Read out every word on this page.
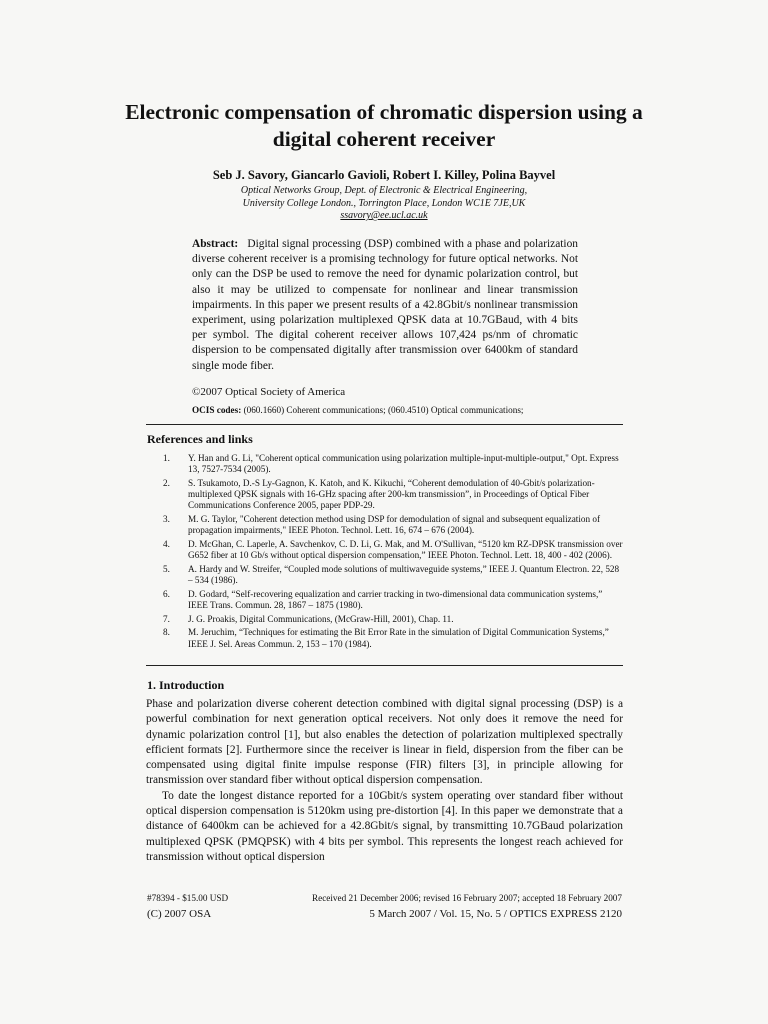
Electronic compensation of chromatic dispersion using a digital coherent receiver
Seb J. Savory, Giancarlo Gavioli, Robert I. Killey, Polina Bayvel
Optical Networks Group, Dept. of Electronic & Electrical Engineering,
University College London., Torrington Place, London WC1E 7JE,UK
ssavory@ee.ucl.ac.uk
Abstract: Digital signal processing (DSP) combined with a phase and polarization diverse coherent receiver is a promising technology for future optical networks. Not only can the DSP be used to remove the need for dynamic polarization control, but also it may be utilized to compensate for nonlinear and linear transmission impairments. In this paper we present results of a 42.8Gbit/s nonlinear transmission experiment, using polarization multiplexed QPSK data at 10.7GBaud, with 4 bits per symbol. The digital coherent receiver allows 107,424 ps/nm of chromatic dispersion to be compensated digitally after transmission over 6400km of standard single mode fiber.
©2007 Optical Society of America
OCIS codes: (060.1660) Coherent communications; (060.4510) Optical communications;
References and links
1. Y. Han and G. Li, "Coherent optical communication using polarization multiple-input-multiple-output," Opt. Express 13, 7527-7534 (2005).
2. S. Tsukamoto, D.-S Ly-Gagnon, K. Katoh, and K. Kikuchi, “Coherent demodulation of 40-Gbit/s polarization-multiplexed QPSK signals with 16-GHz spacing after 200-km transmission”, in Proceedings of Optical Fiber Communications Conference 2005, paper PDP-29.
3. M. G. Taylor, "Coherent detection method using DSP for demodulation of signal and subsequent equalization of propagation impairments," IEEE Photon. Technol. Lett. 16, 674 – 676 (2004).
4. D. McGhan, C. Laperle, A. Savchenkov, C. D. Li, G. Mak, and M. O'Sullivan, “5120 km RZ-DPSK transmission over G652 fiber at 10 Gb/s without optical dispersion compensation,” IEEE Photon. Technol. Lett. 18, 400 - 402 (2006).
5. A. Hardy and W. Streifer, “Coupled mode solutions of multiwaveguide systems,” IEEE J. Quantum Electron. 22, 528 – 534 (1986).
6. D. Godard, “Self-recovering equalization and carrier tracking in two-dimensional data communication systems,” IEEE Trans. Commun. 28, 1867 – 1875 (1980).
7. J. G. Proakis, Digital Communications, (McGraw-Hill, 2001), Chap. 11.
8. M. Jeruchim, “Techniques for estimating the Bit Error Rate in the simulation of Digital Communication Systems,” IEEE J. Sel. Areas Commun. 2, 153 – 170 (1984).
1. Introduction

Phase and polarization diverse coherent detection combined with digital signal processing (DSP) is a powerful combination for next generation optical receivers. Not only does it remove the need for dynamic polarization control [1], but also enables the detection of polarization multiplexed spectrally efficient formats [2]. Furthermore since the receiver is linear in field, dispersion from the fiber can be compensated using digital finite impulse response (FIR) filters [3], in principle allowing for transmission over standard fiber without optical dispersion compensation.

To date the longest distance reported for a 10Gbit/s system operating over standard fiber without optical dispersion compensation is 5120km using pre-distortion [4]. In this paper we demonstrate that a distance of 6400km can be achieved for a 42.8Gbit/s signal, by transmitting 10.7GBaud polarization multiplexed QPSK (PMQPSK) with 4 bits per symbol. This represents the longest reach achieved for transmission without optical dispersion

#78394 - $15.00 USD
(C) 2007 OSA
Received 21 December 2006; revised 16 February 2007; accepted 18 February 2007
5 March 2007 / Vol. 15, No. 5 / OPTICS EXPRESS 2120
